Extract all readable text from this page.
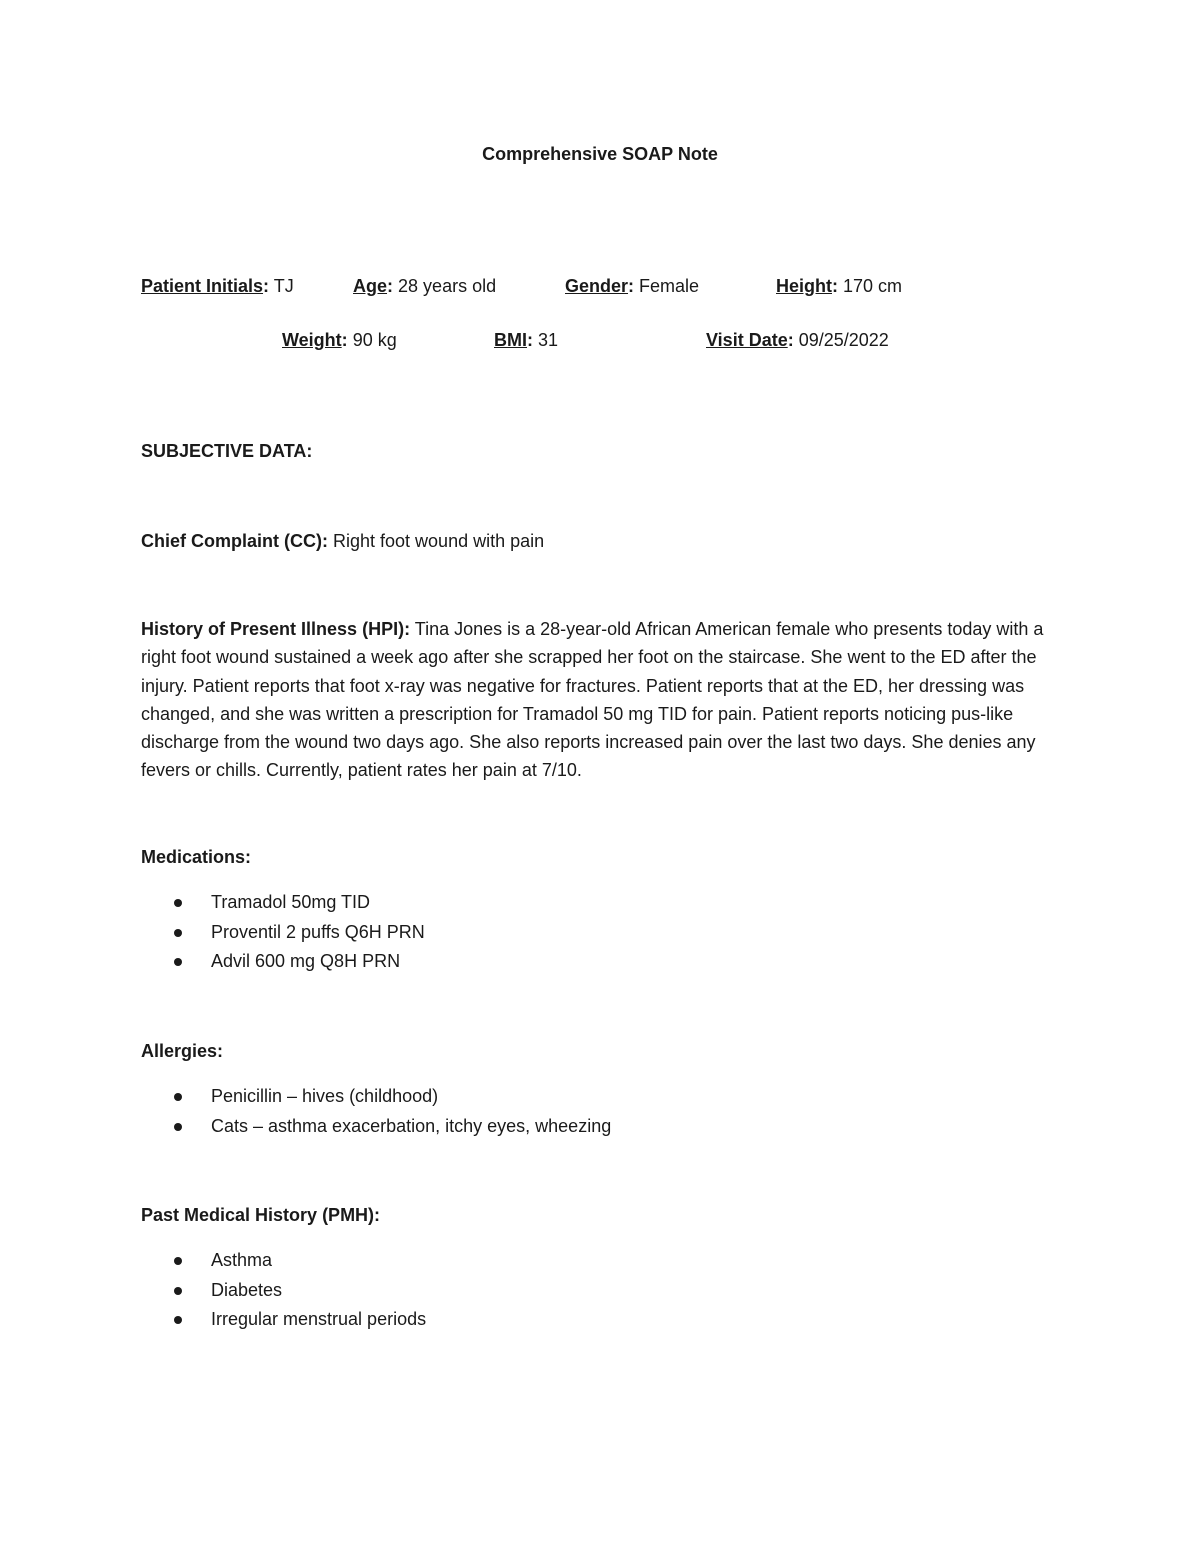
Comprehensive SOAP Note
Patient Initials: TJ	Age: 28 years old	Gender: Female	Height: 170 cm
Weight: 90 kg	BMI: 31	Visit Date: 09/25/2022
SUBJECTIVE DATA:
Chief Complaint (CC): Right foot wound with pain
History of Present Illness (HPI): Tina Jones is a 28-year-old African American female who presents today with a right foot wound sustained a week ago after she scrapped her foot on the staircase. She went to the ED after the injury. Patient reports that foot x-ray was negative for fractures. Patient reports that at the ED, her dressing was changed, and she was written a prescription for Tramadol 50 mg TID for pain. Patient reports noticing pus-like discharge from the wound two days ago. She also reports increased pain over the last two days. She denies any fevers or chills. Currently, patient rates her pain at 7/10.
Medications:
Tramadol 50mg TID
Proventil 2 puffs Q6H PRN
Advil 600 mg Q8H PRN
Allergies:
Penicillin – hives (childhood)
Cats – asthma exacerbation, itchy eyes, wheezing
Past Medical History (PMH):
Asthma
Diabetes
Irregular menstrual periods
